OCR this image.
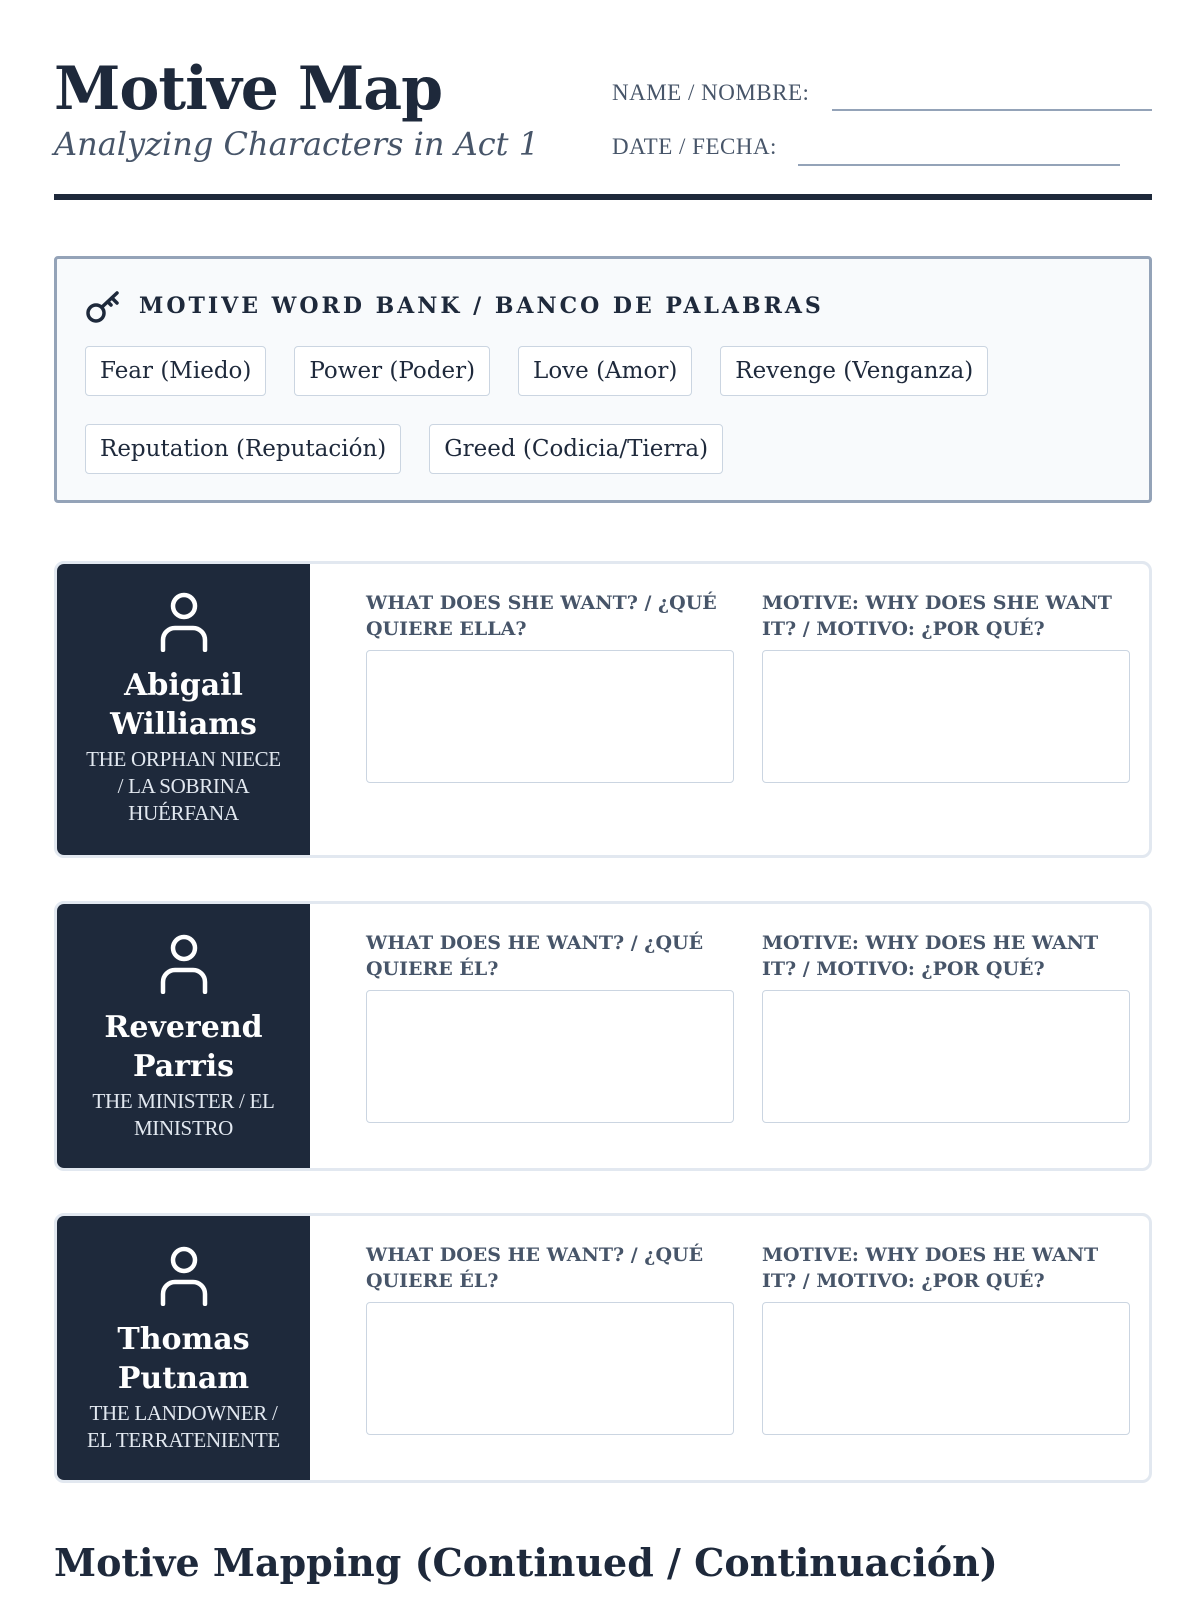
Motive Map
Analyzing Characters in Act 1
NAME / NOMBRE:
DATE / FECHA:
MOTIVE WORD BANK / BANCO DE PALABRAS
Fear (Miedo)	Power (Poder)	Love (Amor)	Revenge (Venganza)
Reputation (Reputación)	Greed (Codicia/Tierra)
Abigail Williams
THE ORPHAN NIECE / LA SOBRINA HUÉRFANA
WHAT DOES SHE WANT? / ¿QUÉ QUIERE ELLA?
MOTIVE: WHY DOES SHE WANT IT? / MOTIVO: ¿POR QUÉ?
Reverend Parris
THE MINISTER / EL MINISTRO
WHAT DOES HE WANT? / ¿QUÉ QUIERE ÉL?
MOTIVE: WHY DOES HE WANT IT? / MOTIVO: ¿POR QUÉ?
Thomas Putnam
THE LANDOWNER / EL TERRATENIENTE
WHAT DOES HE WANT? / ¿QUÉ QUIERE ÉL?
MOTIVE: WHY DOES HE WANT IT? / MOTIVO: ¿POR QUÉ?
Motive Mapping (Continued / Continuación)
